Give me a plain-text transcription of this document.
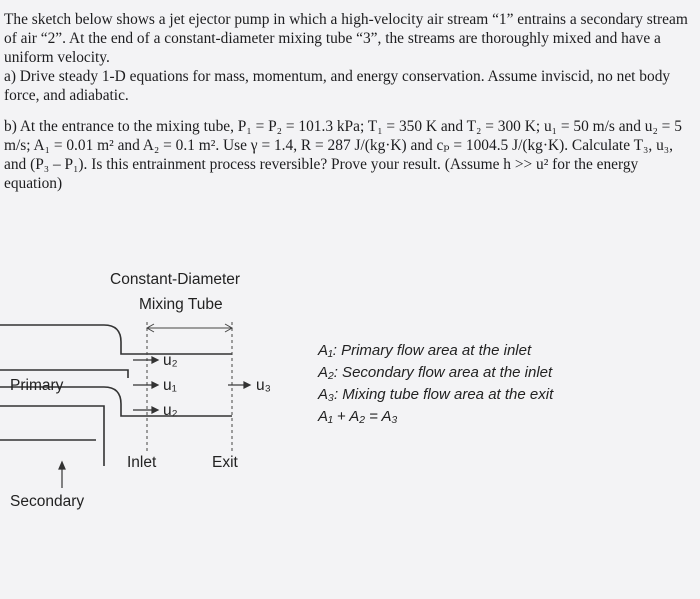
The sketch below shows a jet ejector pump in which a high-velocity air stream “1” entrains a secondary stream of air “2”. At the end of a constant-diameter mixing tube “3”, the streams are thoroughly mixed and have a uniform velocity.

a) Drive steady 1-D equations for mass, momentum, and energy conservation. Assume inviscid, no net body force, and adiabatic.

b) At the entrance to the mixing tube, P₁ = P₂ = 101.3 kPa; T₁ = 350 K and T₂ = 300 K; u₁ = 50 m/s and u₂ = 5 m/s; A₁ = 0.01 m² and A₂ = 0.1 m². Use γ = 1.4, R = 287 J/(kg·K) and cₚ = 1004.5 J/(kg·K). Calculate T₃, u₃, and (P₃ – P₁). Is this entrainment process reversible? Prove your result. (Assume h >> u² for the energy equation)

Constant-Diameter
Mixing Tube
Primary
Secondary
Inlet	Exit
u₂
u₁
u₂
u₃
A₁: Primary flow area at the inlet
A₂: Secondary flow area at the inlet
A₃: Mixing tube flow area at the exit
A₁ + A₂ = A₃
